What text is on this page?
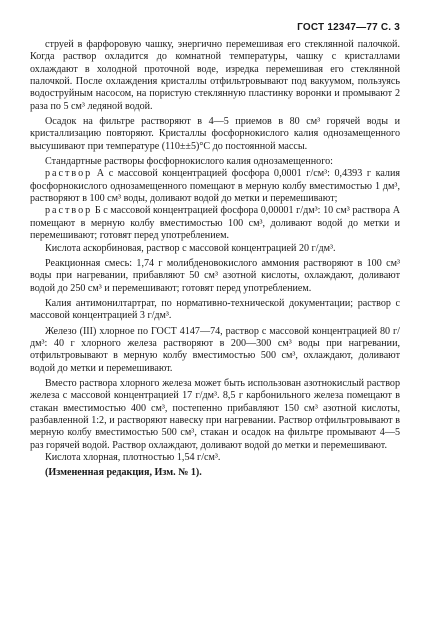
ГОСТ 12347—77 С. 3

струей в фарфоровую чашку, энергично перемешивая его стеклянной палочкой. Когда раствор охладится до комнатной температуры, чашку с кристаллами охлаждают в холодной проточной воде, изредка перемешивая его стеклянной палочкой. После охлаждения кристаллы отфильтровывают под вакуумом, пользуясь водоструйным насосом, на пористую стеклянную пластинку воронки и промывают 2 раза по 5 см³ ледяной водой.

Осадок на фильтре растворяют в 4—5 приемов в 80 см³ горячей воды и кристаллизацию повторяют. Кристаллы фосфорнокислого калия однозамещенного высушивают при температуре (110±±5)°С до постоянной массы.

Стандартные растворы фосфорнокислого калия однозамещенного:

раствор А с массовой концентрацией фосфора 0,0001 г/см³: 0,4393 г калия фосфорнокислого однозамещенного помещают в мерную колбу вместимостью 1 дм³, растворяют в 100 см³ воды, доливают водой до метки и перемешивают;

раствор Б с массовой концентрацией фосфора 0,00001 г/дм³: 10 см³ раствора А помещают в мерную колбу вместимостью 100 см³, доливают водой до метки и перемешивают; готовят перед употреблением.

Кислота аскорбиновая, раствор с массовой концентрацией 20 г/дм³.

Реакционная смесь: 1,74 г молибденовокислого аммония растворяют в 100 см³ воды при нагревании, прибавляют 50 см³ азотной кислоты, охлаждают, доливают водой до 250 см³ и перемешивают; готовят перед употреблением.

Калия антимонилтартрат, по нормативно-технической документации; раствор с массовой концентрацией 3 г/дм³.

Железо (III) хлорное по ГОСТ 4147—74, раствор с массовой концентрацией 80 г/дм³: 40 г хлорного железа растворяют в 200—300 см³ воды при нагревании, отфильтровывают в мерную колбу вместимостью 500 см³, охлаждают, доливают водой до метки и перемешивают.

Вместо раствора хлорного железа может быть использован азотнокислый раствор железа с массовой концентрацией 17 г/дм³. 8,5 г карбонильного железа помещают в стакан вместимостью 400 см³, постепенно прибавляют 150 см³ азотной кислоты, разбавленной 1:2, и растворяют навеску при нагревании. Раствор отфильтровывают в мерную колбу вместимостью 500 см³, стакан и осадок на фильтре промывают 4—5 раз горячей водой. Раствор охлаждают, доливают водой до метки и перемешивают.

Кислота хлорная, плотностью 1,54 г/см³.

(Измененная редакция, Изм. № 1).
